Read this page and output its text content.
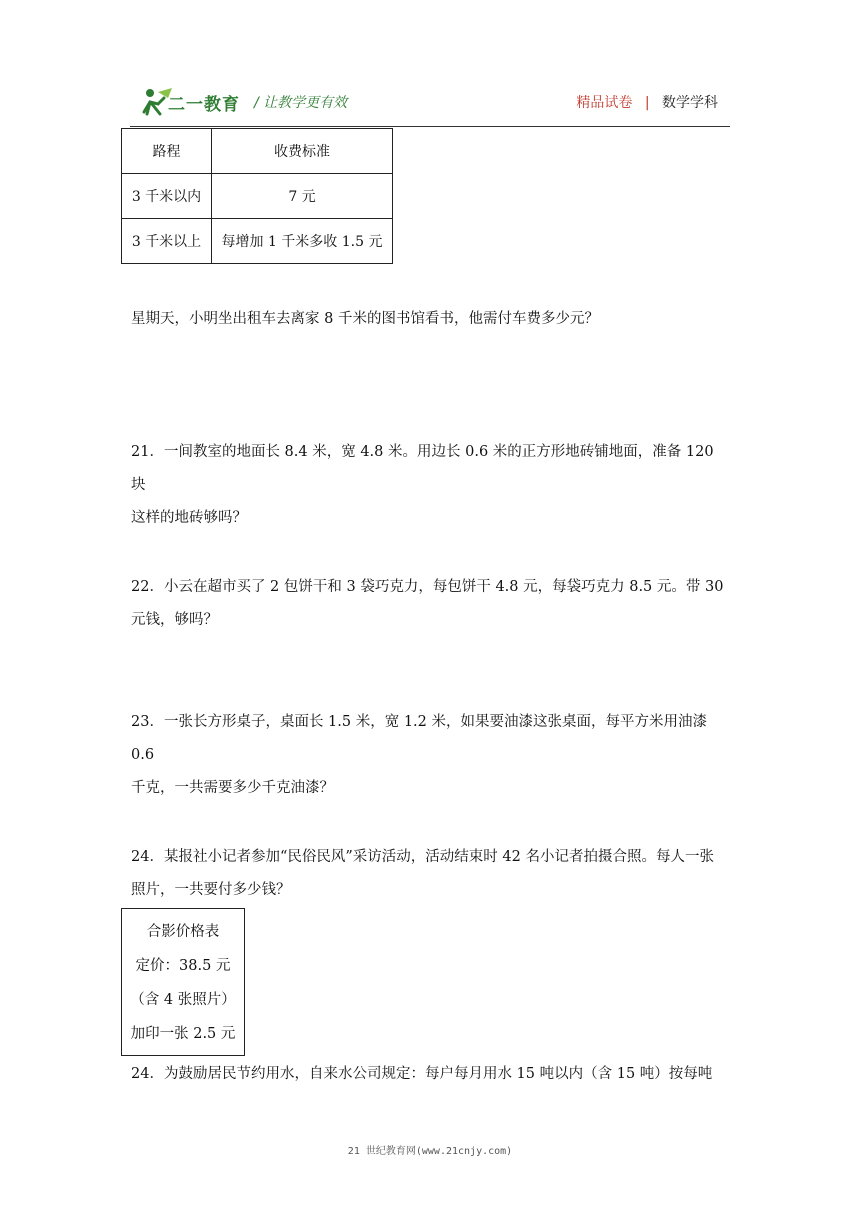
二一教育 / 让教学更有效	精品试卷 | 数学学科
路程	收费标准
3 千米以内	7 元
3 千米以上	每增加 1 千米多收 1.5 元
星期天，小明坐出租车去离家 8 千米的图书馆看书，他需付车费多少元？
21．一间教室的地面长 8.4 米，宽 4.8 米。用边长 0.6 米的正方形地砖铺地面，准备 120 块
这样的地砖够吗？
22．小云在超市买了 2 包饼干和 3 袋巧克力，每包饼干 4.8 元，每袋巧克力 8.5 元。带 30
元钱，够吗？
23．一张长方形桌子，桌面长 1.5 米，宽 1.2 米，如果要油漆这张桌面，每平方米用油漆 0.6
千克，一共需要多少千克油漆？
24．某报社小记者参加“民俗民风”采访活动，活动结束时 42 名小记者拍摄合照。每人一张
照片，一共要付多少钱？
合影价格表
定价：38.5 元
（含 4 张照片）
加印一张 2.5 元
24．为鼓励居民节约用水，自来水公司规定：每户每月用水 15 吨以内（含 15 吨）按每吨
21 世纪教育网(www.21cnjy.com)
